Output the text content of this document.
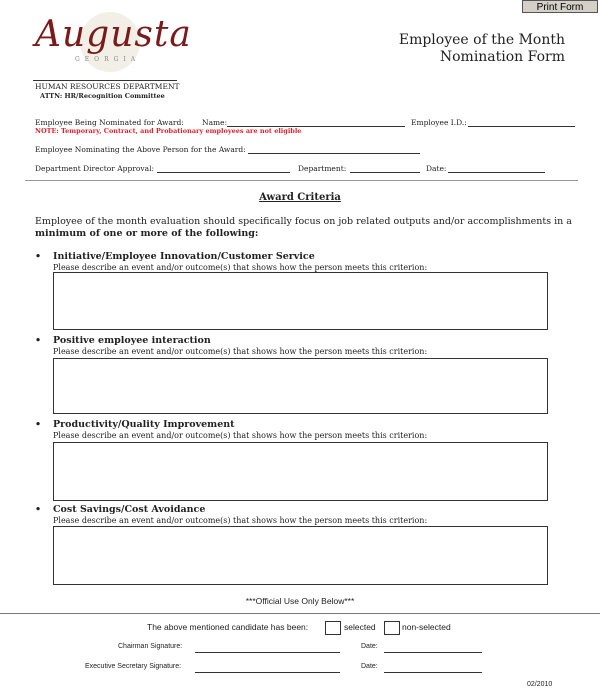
Print Form
Augusta
GEORGIA
HUMAN RESOURCES DEPARTMENT
ATTN: HR/Recognition Committee
Employee of the Month
Nomination Form
Employee Being Nominated for Award: Name:	Employee I.D.:
NOTE: Temporary, Contract, and Probationary employees are not eligible
Employee Nominating the Above Person for the Award:
Department Director Approval:	Department:	Date:
Award Criteria
Employee of the month evaluation should specifically focus on job related outputs and/or accomplishments in a
minimum of one or more of the following:
• Initiative/Employee Innovation/Customer Service
Please describe an event and/or outcome(s) that shows how the person meets this criterion:
• Positive employee interaction
Please describe an event and/or outcome(s) that shows how the person meets this criterion:
• Productivity/Quality Improvement
Please describe an event and/or outcome(s) that shows how the person meets this criterion:
• Cost Savings/Cost Avoidance
Please describe an event and/or outcome(s) that shows how the person meets this criterion:
***Official Use Only Below***
The above mentioned candidate has been:	selected	non-selected
Chairman Signature:	Date:
Executive Secretary Signature:	Date:
02/2010
